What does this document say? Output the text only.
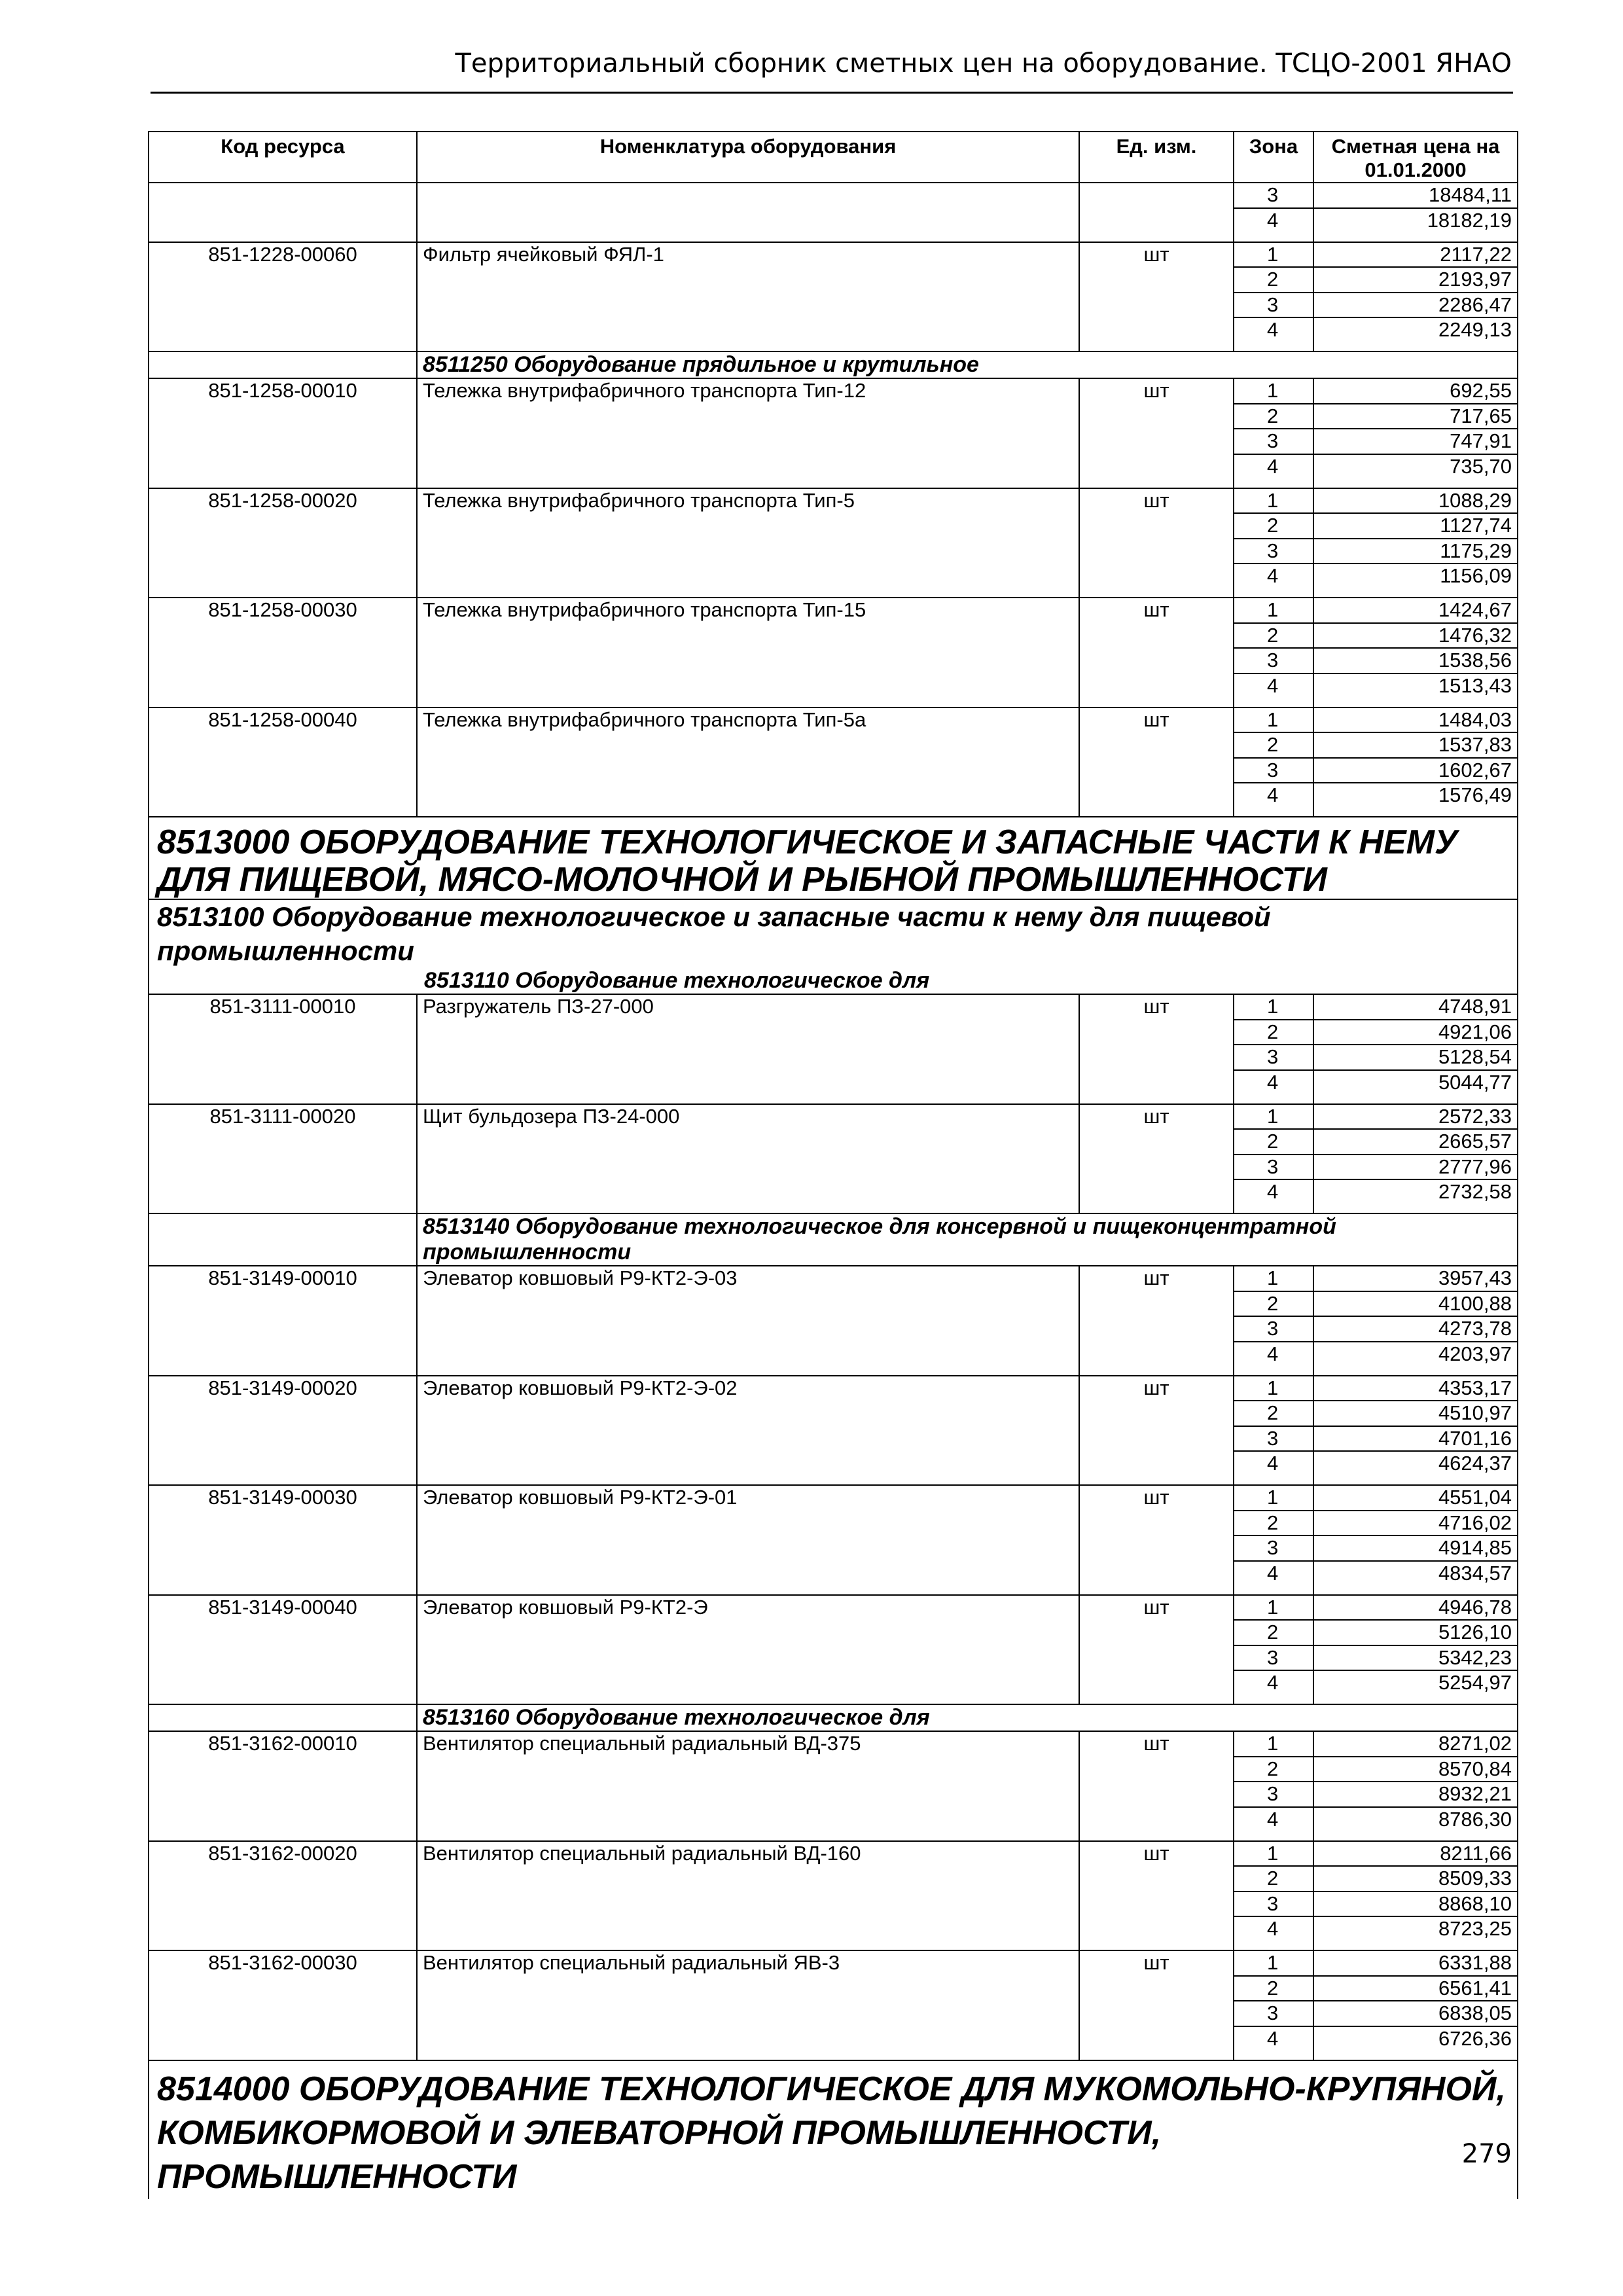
Территориальный сборник сметных цен на оборудование. ТСЦО-2001 ЯНАО
Код ресурса	Номенклатура оборудования	Ед. изм.	Зона	Сметная цена на 01.01.2000
			3	18484,11
			4	18182,19
851-1228-00060	Фильтр ячейковый ФЯЛ-1	шт	1	2117,22
			2	2193,97
			3	2286,47
			4	2249,13
	8511250 Оборудование прядильное и крутильное			
851-1258-00010	Тележка внутрифабричного транспорта Тип-12	шт	1	692,55
			2	717,65
			3	747,91
			4	735,70
851-1258-00020	Тележка внутрифабричного транспорта Тип-5	шт	1	1088,29
			2	1127,74
			3	1175,29
			4	1156,09
851-1258-00030	Тележка внутрифабричного транспорта Тип-15	шт	1	1424,67
			2	1476,32
			3	1538,56
			4	1513,43
851-1258-00040	Тележка внутрифабричного транспорта Тип-5а	шт	1	1484,03
			2	1537,83
			3	1602,67
			4	1576,49
8513000 ОБОРУДОВАНИЕ ТЕХНОЛОГИЧЕСКОЕ И ЗАПАСНЫЕ ЧАСТИ К НЕМУ ДЛЯ ПИЩЕВОЙ, МЯСО-МОЛОЧНОЙ И РЫБНОЙ ПРОМЫШЛЕННОСТИ				
8513100 Оборудование технологическое и запасные части к нему для пищевой промышленности				
8513110 Оборудование технологическое для				
851-3111-00010	Разгружатель ПЗ-27-000	шт	1	4748,91
			2	4921,06
			3	5128,54
			4	5044,77
851-3111-00020	Щит бульдозера ПЗ-24-000	шт	1	2572,33
			2	2665,57
			3	2777,96
			4	2732,58
	8513140 Оборудование технологическое для консервной и пищеконцентратной промышленности			
851-3149-00010	Элеватор ковшовый Р9-КТ2-Э-03	шт	1	3957,43
			2	4100,88
			3	4273,78
			4	4203,97
851-3149-00020	Элеватор ковшовый Р9-КТ2-Э-02	шт	1	4353,17
			2	4510,97
			3	4701,16
			4	4624,37
851-3149-00030	Элеватор ковшовый Р9-КТ2-Э-01	шт	1	4551,04
			2	4716,02
			3	4914,85
			4	4834,57
851-3149-00040	Элеватор ковшовый Р9-КТ2-Э	шт	1	4946,78
			2	5126,10
			3	5342,23
			4	5254,97
	8513160 Оборудование технологическое для			
851-3162-00010	Вентилятор специальный радиальный ВД-375	шт	1	8271,02
			2	8570,84
			3	8932,21
			4	8786,30
851-3162-00020	Вентилятор специальный радиальный ВД-160	шт	1	8211,66
			2	8509,33
			3	8868,10
			4	8723,25
851-3162-00030	Вентилятор специальный радиальный ЯВ-3	шт	1	6331,88
			2	6561,41
			3	6838,05
			4	6726,36
8514000 ОБОРУДОВАНИЕ ТЕХНОЛОГИЧЕСКОЕ ДЛЯ МУКОМОЛЬНО-КРУПЯНОЙ, КОМБИКОРМОВОЙ И ЭЛЕВАТОРНОЙ ПРОМЫШЛЕННОСТИ, ПРОМЫШЛЕННОСТИ				
279
